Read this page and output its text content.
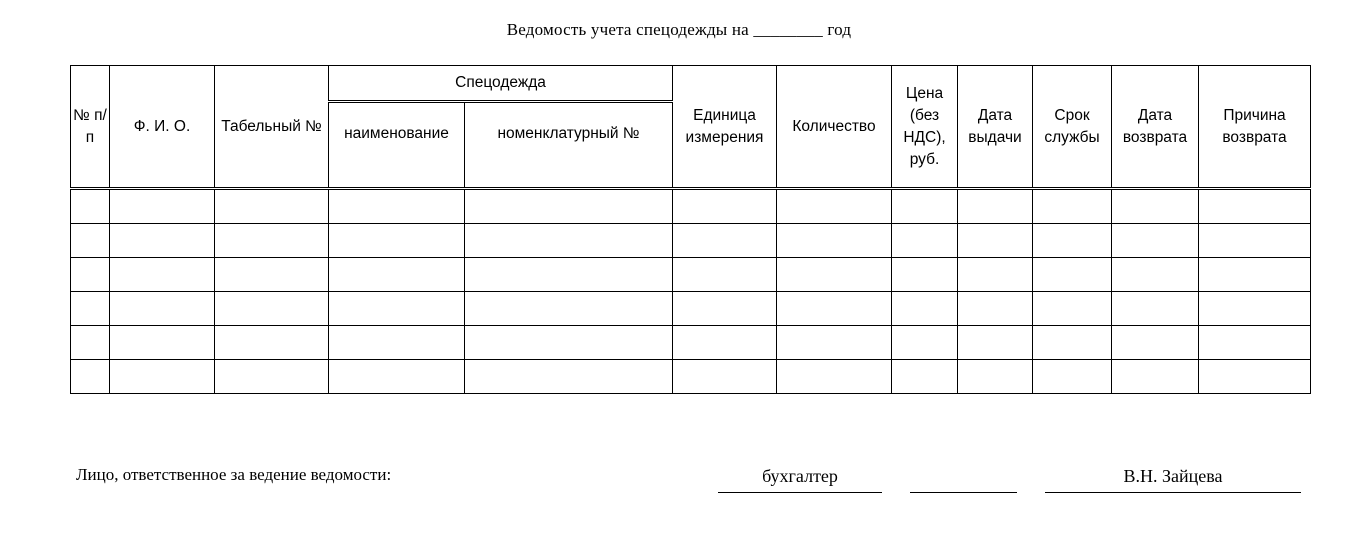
Ведомость учета спецодежды на ________ год
№ п/п	Ф. И. О.	Табельный №	Спецодежда		Единица измерения	Количество	Цена (без НДС), руб.	Дата выдачи	Срок службы	Дата возврата	Причина возврата
			наименование	номенклатурный №							

Лицо, ответственное за ведение ведомости:	бухгалтер	В.Н. Зайцева
